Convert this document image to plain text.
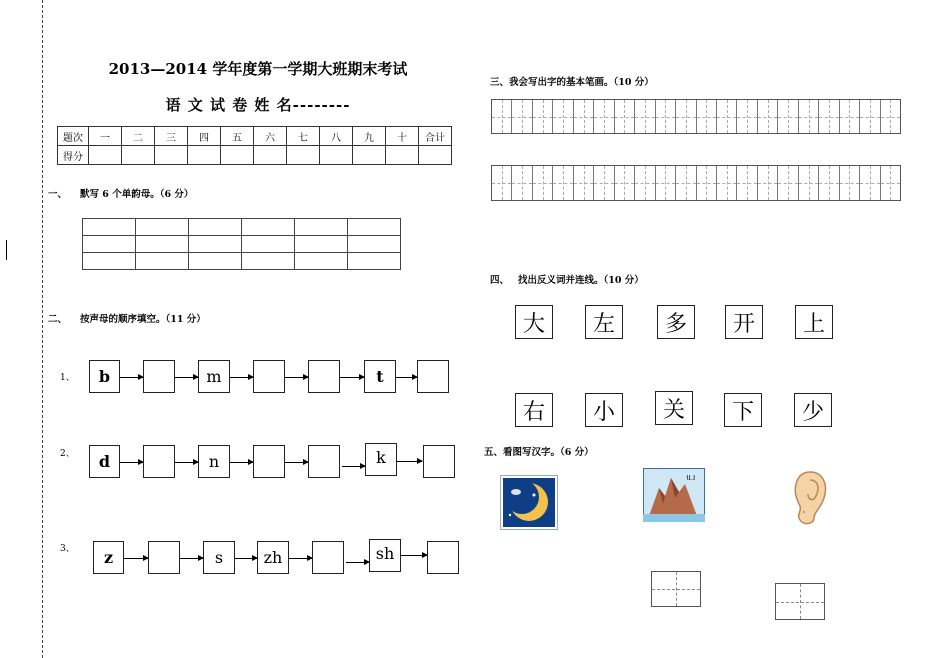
2013—2014 学年度第一学期大班期末考试
语 文 试 卷 姓 名--------
题次	一	二	三	四	五	六	七	八	九	十	合计
得分											
一、 默写 6 个单韵母。（6 分）

二、 按声母的顺序填空。（11 分）
1、
2、
3、
b	m	t
d	n	k
z	s	zh	sh
三、我会写出字的基本笔画。（10 分）
四、 找出反义词并连线。（10 分）
大	左	多	开	上
右	小	关	下	少
五、看图写汉字。（6 分）
ய
